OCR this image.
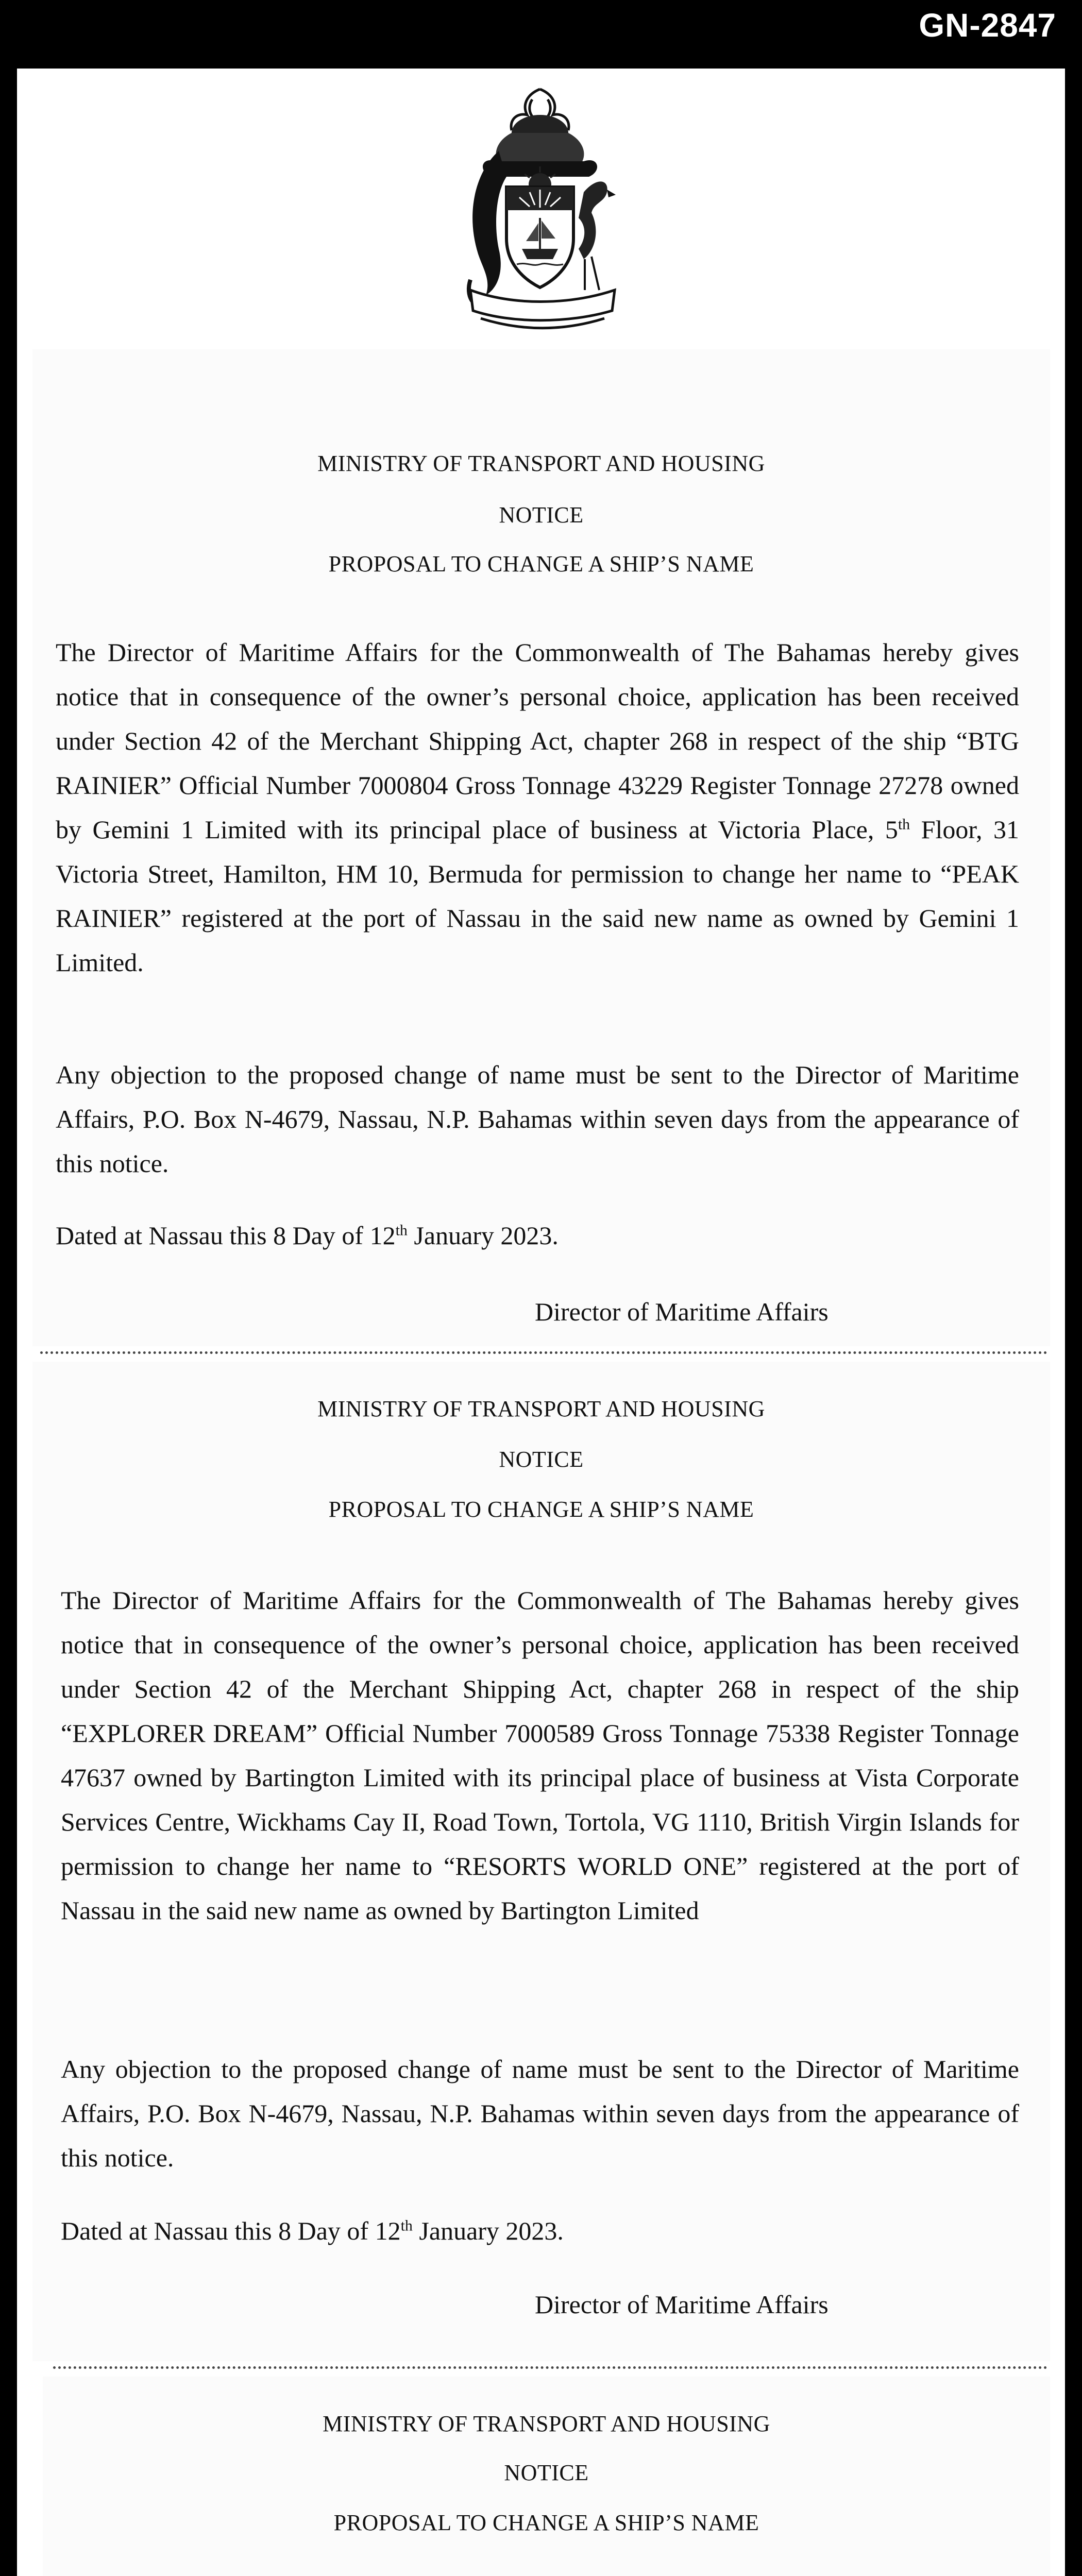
GN-2847

MINISTRY OF TRANSPORT AND HOUSING

NOTICE

PROPOSAL TO CHANGE A SHIP’S NAME

The Director of Maritime Affairs for the Commonwealth of The Bahamas hereby gives notice that in consequence of the owner’s personal choice, application has been received under Section 42 of the Merchant Shipping Act, chapter 268 in respect of the ship “BTG RAINIER” Official Number 7000804 Gross Tonnage 43229 Register Tonnage 27278 owned by Gemini 1 Limited with its principal place of business at Victoria Place, 5th Floor, 31 Victoria Street, Hamilton, HM 10, Bermuda for permission to change her name to “PEAK RAINIER” registered at the port of Nassau in the said new name as owned by Gemini 1 Limited.

Any objection to the proposed change of name must be sent to the Director of Maritime Affairs, P.O. Box N-4679, Nassau, N.P. Bahamas within seven days from the appearance of this notice.

Dated at Nassau this 8 Day of 12th January 2023.

Director of Maritime Affairs

MINISTRY OF TRANSPORT AND HOUSING

NOTICE

PROPOSAL TO CHANGE A SHIP’S NAME

The Director of Maritime Affairs for the Commonwealth of The Bahamas hereby gives notice that in consequence of the owner’s personal choice, application has been received under Section 42 of the Merchant Shipping Act, chapter 268 in respect of the ship “EXPLORER DREAM” Official Number 7000589 Gross Tonnage 75338 Register Tonnage 47637 owned by Bartington Limited with its principal place of business at Vista Corporate Services Centre, Wickhams Cay II, Road Town, Tortola, VG 1110, British Virgin Islands for permission to change her name to “RESORTS WORLD ONE” registered at the port of Nassau in the said new name as owned by Bartington Limited

Any objection to the proposed change of name must be sent to the Director of Maritime Affairs, P.O. Box N-4679, Nassau, N.P. Bahamas within seven days from the appearance of this notice.

Dated at Nassau this 8 Day of 12th January 2023.

Director of Maritime Affairs

MINISTRY OF TRANSPORT AND HOUSING

NOTICE

PROPOSAL TO CHANGE A SHIP’S NAME
